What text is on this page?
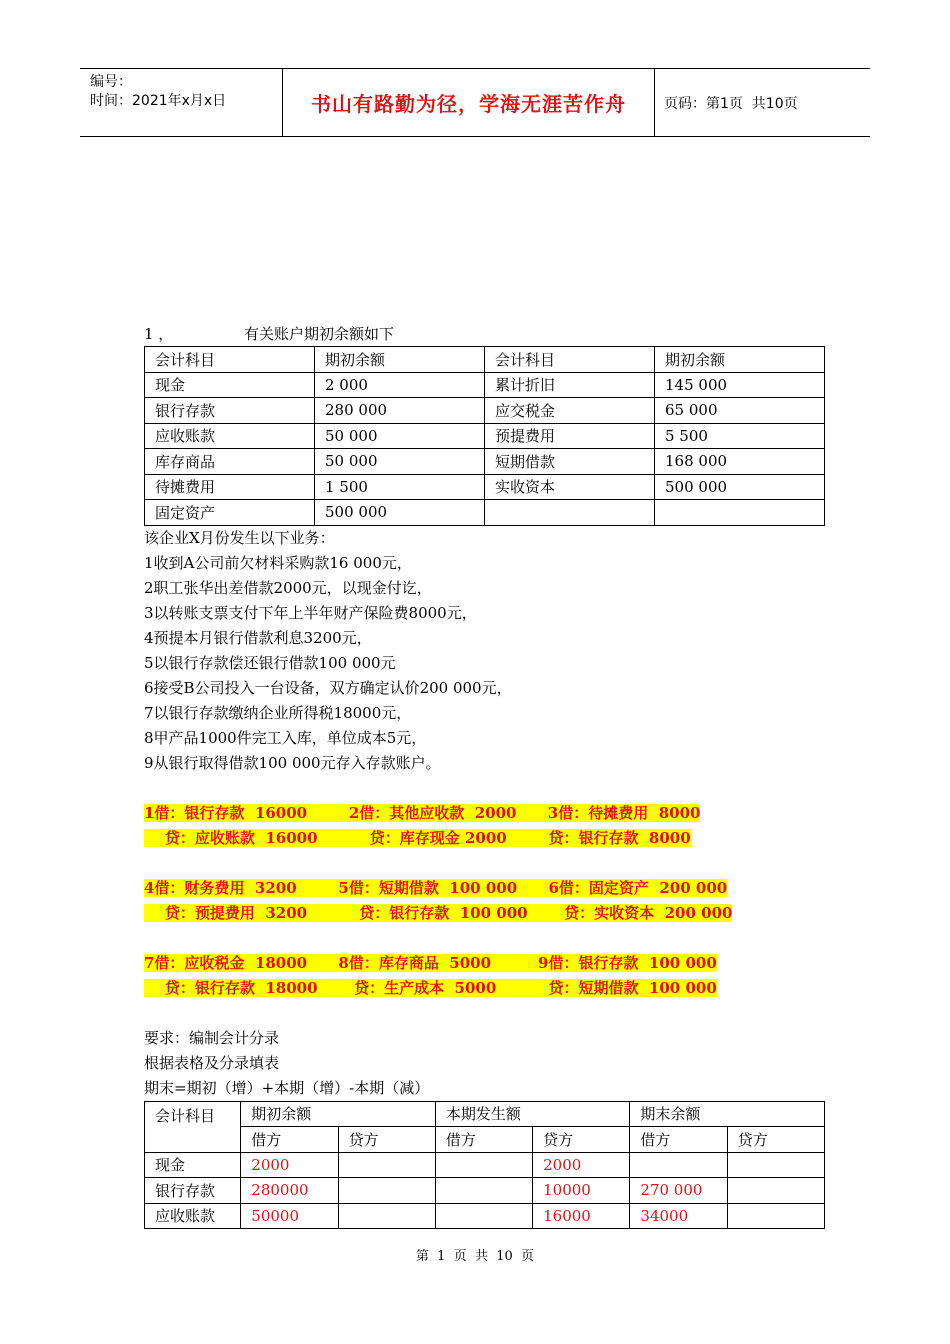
编号：
时间：2021年x月x日	书山有路勤为径，学海无涯苦作舟	页码：第1页  共10页
1 ，	有关账户期初余额如下
会计科目	期初余额	会计科目	期初余额
现金	2 000	累计折旧	145 000
银行存款	280 000	应交税金	65 000
应收账款	50 000	预提费用	5 500
库存商品	50 000	短期借款	168 000
待摊费用	1 500	实收资本	500 000
固定资产	500 000		
该企业X月份发生以下业务：
1收到A公司前欠材料采购款16 000元，
2职工张华出差借款2000元，以现金付讫，
3以转账支票支付下年上半年财产保险费8000元，
4预提本月银行借款利息3200元，
5以银行存款偿还银行借款100 000元
6接受B公司投入一台设备，双方确定认价200 000元，
7以银行存款缴纳企业所得税18000元，
8甲产品1000件完工入库，单位成本5元，
9从银行取得借款100 000元存入存款账户。
1借：银行存款  16000        2借：其他应收款  2000      3借：待摊费用  8000
贷：应收账款  16000          贷：库存现金 2000        贷：银行存款  8000
4借：财务费用  3200        5借：短期借款  100 000      6借：固定资产  200 000
贷：预提费用  3200          贷：银行存款  100 000       贷：实收资本  200 000
7借：应收税金  18000      8借：库存商品  5000         9借：银行存款  100 000
贷：银行存款  18000       贷：生产成本  5000          贷：短期借款  100 000
要求：编制会计分录
根据表格及分录填表
期末=期初（增）+本期（增）-本期（减）
会计科目	期初余额		本期发生额		期末余额	
	借方	贷方	借方	贷方	借方	贷方
现金	2000			2000		
银行存款	280000			10000	270 000	
应收账款	50000			16000	34000	
第  1  页  共  10  页
